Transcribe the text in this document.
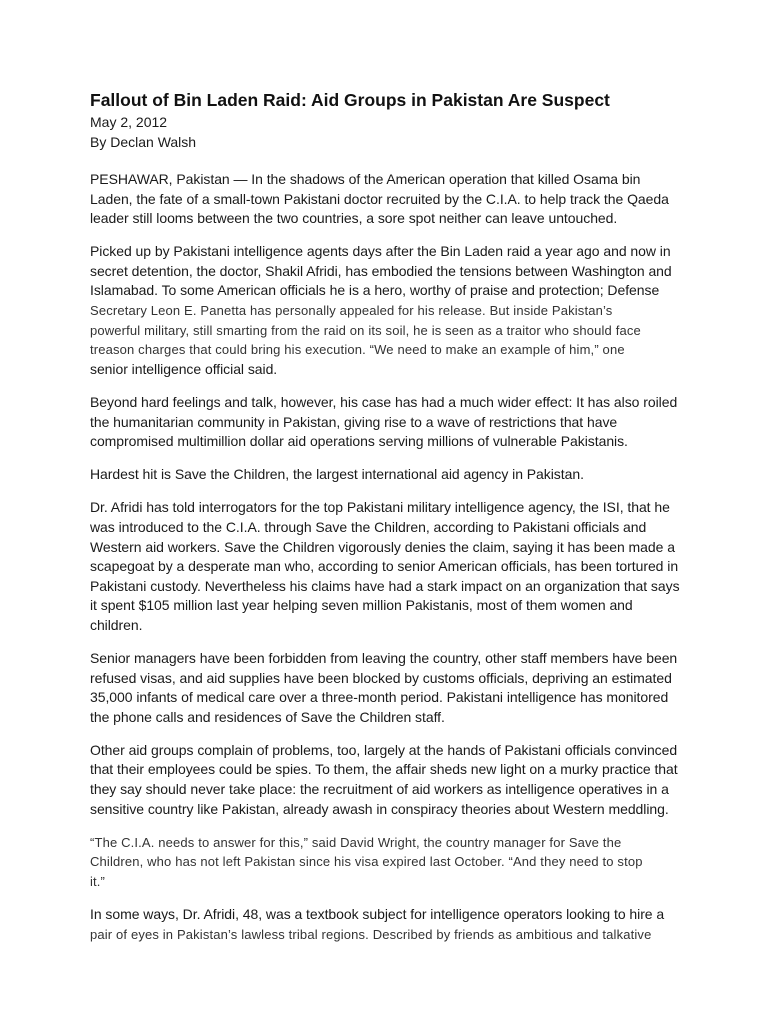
Fallout of Bin Laden Raid: Aid Groups in Pakistan Are Suspect

May 2, 2012

By Declan Walsh

PESHAWAR, Pakistan — In the shadows of the American operation that killed Osama bin
Laden, the fate of a small-town Pakistani doctor recruited by the C.I.A. to help track the Qaeda
leader still looms between the two countries, a sore spot neither can leave untouched.

Picked up by Pakistani intelligence agents days after the Bin Laden raid a year ago and now in
secret detention, the doctor, Shakil Afridi, has embodied the tensions between Washington and
Islamabad. To some American officials he is a hero, worthy of praise and protection; Defense
Secretary Leon E. Panetta has personally appealed for his release. But inside Pakistan’s
powerful military, still smarting from the raid on its soil, he is seen as a traitor who should face
treason charges that could bring his execution. “We need to make an example of him,” one
senior intelligence official said.

Beyond hard feelings and talk, however, his case has had a much wider effect: It has also roiled
the humanitarian community in Pakistan, giving rise to a wave of restrictions that have
compromised multimillion dollar aid operations serving millions of vulnerable Pakistanis.

Hardest hit is Save the Children, the largest international aid agency in Pakistan.

Dr. Afridi has told interrogators for the top Pakistani military intelligence agency, the ISI, that he
was introduced to the C.I.A. through Save the Children, according to Pakistani officials and
Western aid workers. Save the Children vigorously denies the claim, saying it has been made a
scapegoat by a desperate man who, according to senior American officials, has been tortured in
Pakistani custody. Nevertheless his claims have had a stark impact on an organization that says
it spent $105 million last year helping seven million Pakistanis, most of them women and
children.

Senior managers have been forbidden from leaving the country, other staff members have been
refused visas, and aid supplies have been blocked by customs officials, depriving an estimated
35,000 infants of medical care over a three-month period. Pakistani intelligence has monitored
the phone calls and residences of Save the Children staff.

Other aid groups complain of problems, too, largely at the hands of Pakistani officials convinced
that their employees could be spies. To them, the affair sheds new light on a murky practice that
they say should never take place: the recruitment of aid workers as intelligence operatives in a
sensitive country like Pakistan, already awash in conspiracy theories about Western meddling.

“The C.I.A. needs to answer for this,” said David Wright, the country manager for Save the
Children, who has not left Pakistan since his visa expired last October. “And they need to stop
it.”

In some ways, Dr. Afridi, 48, was a textbook subject for intelligence operators looking to hire a
pair of eyes in Pakistan’s lawless tribal regions. Described by friends as ambitious and talkative
